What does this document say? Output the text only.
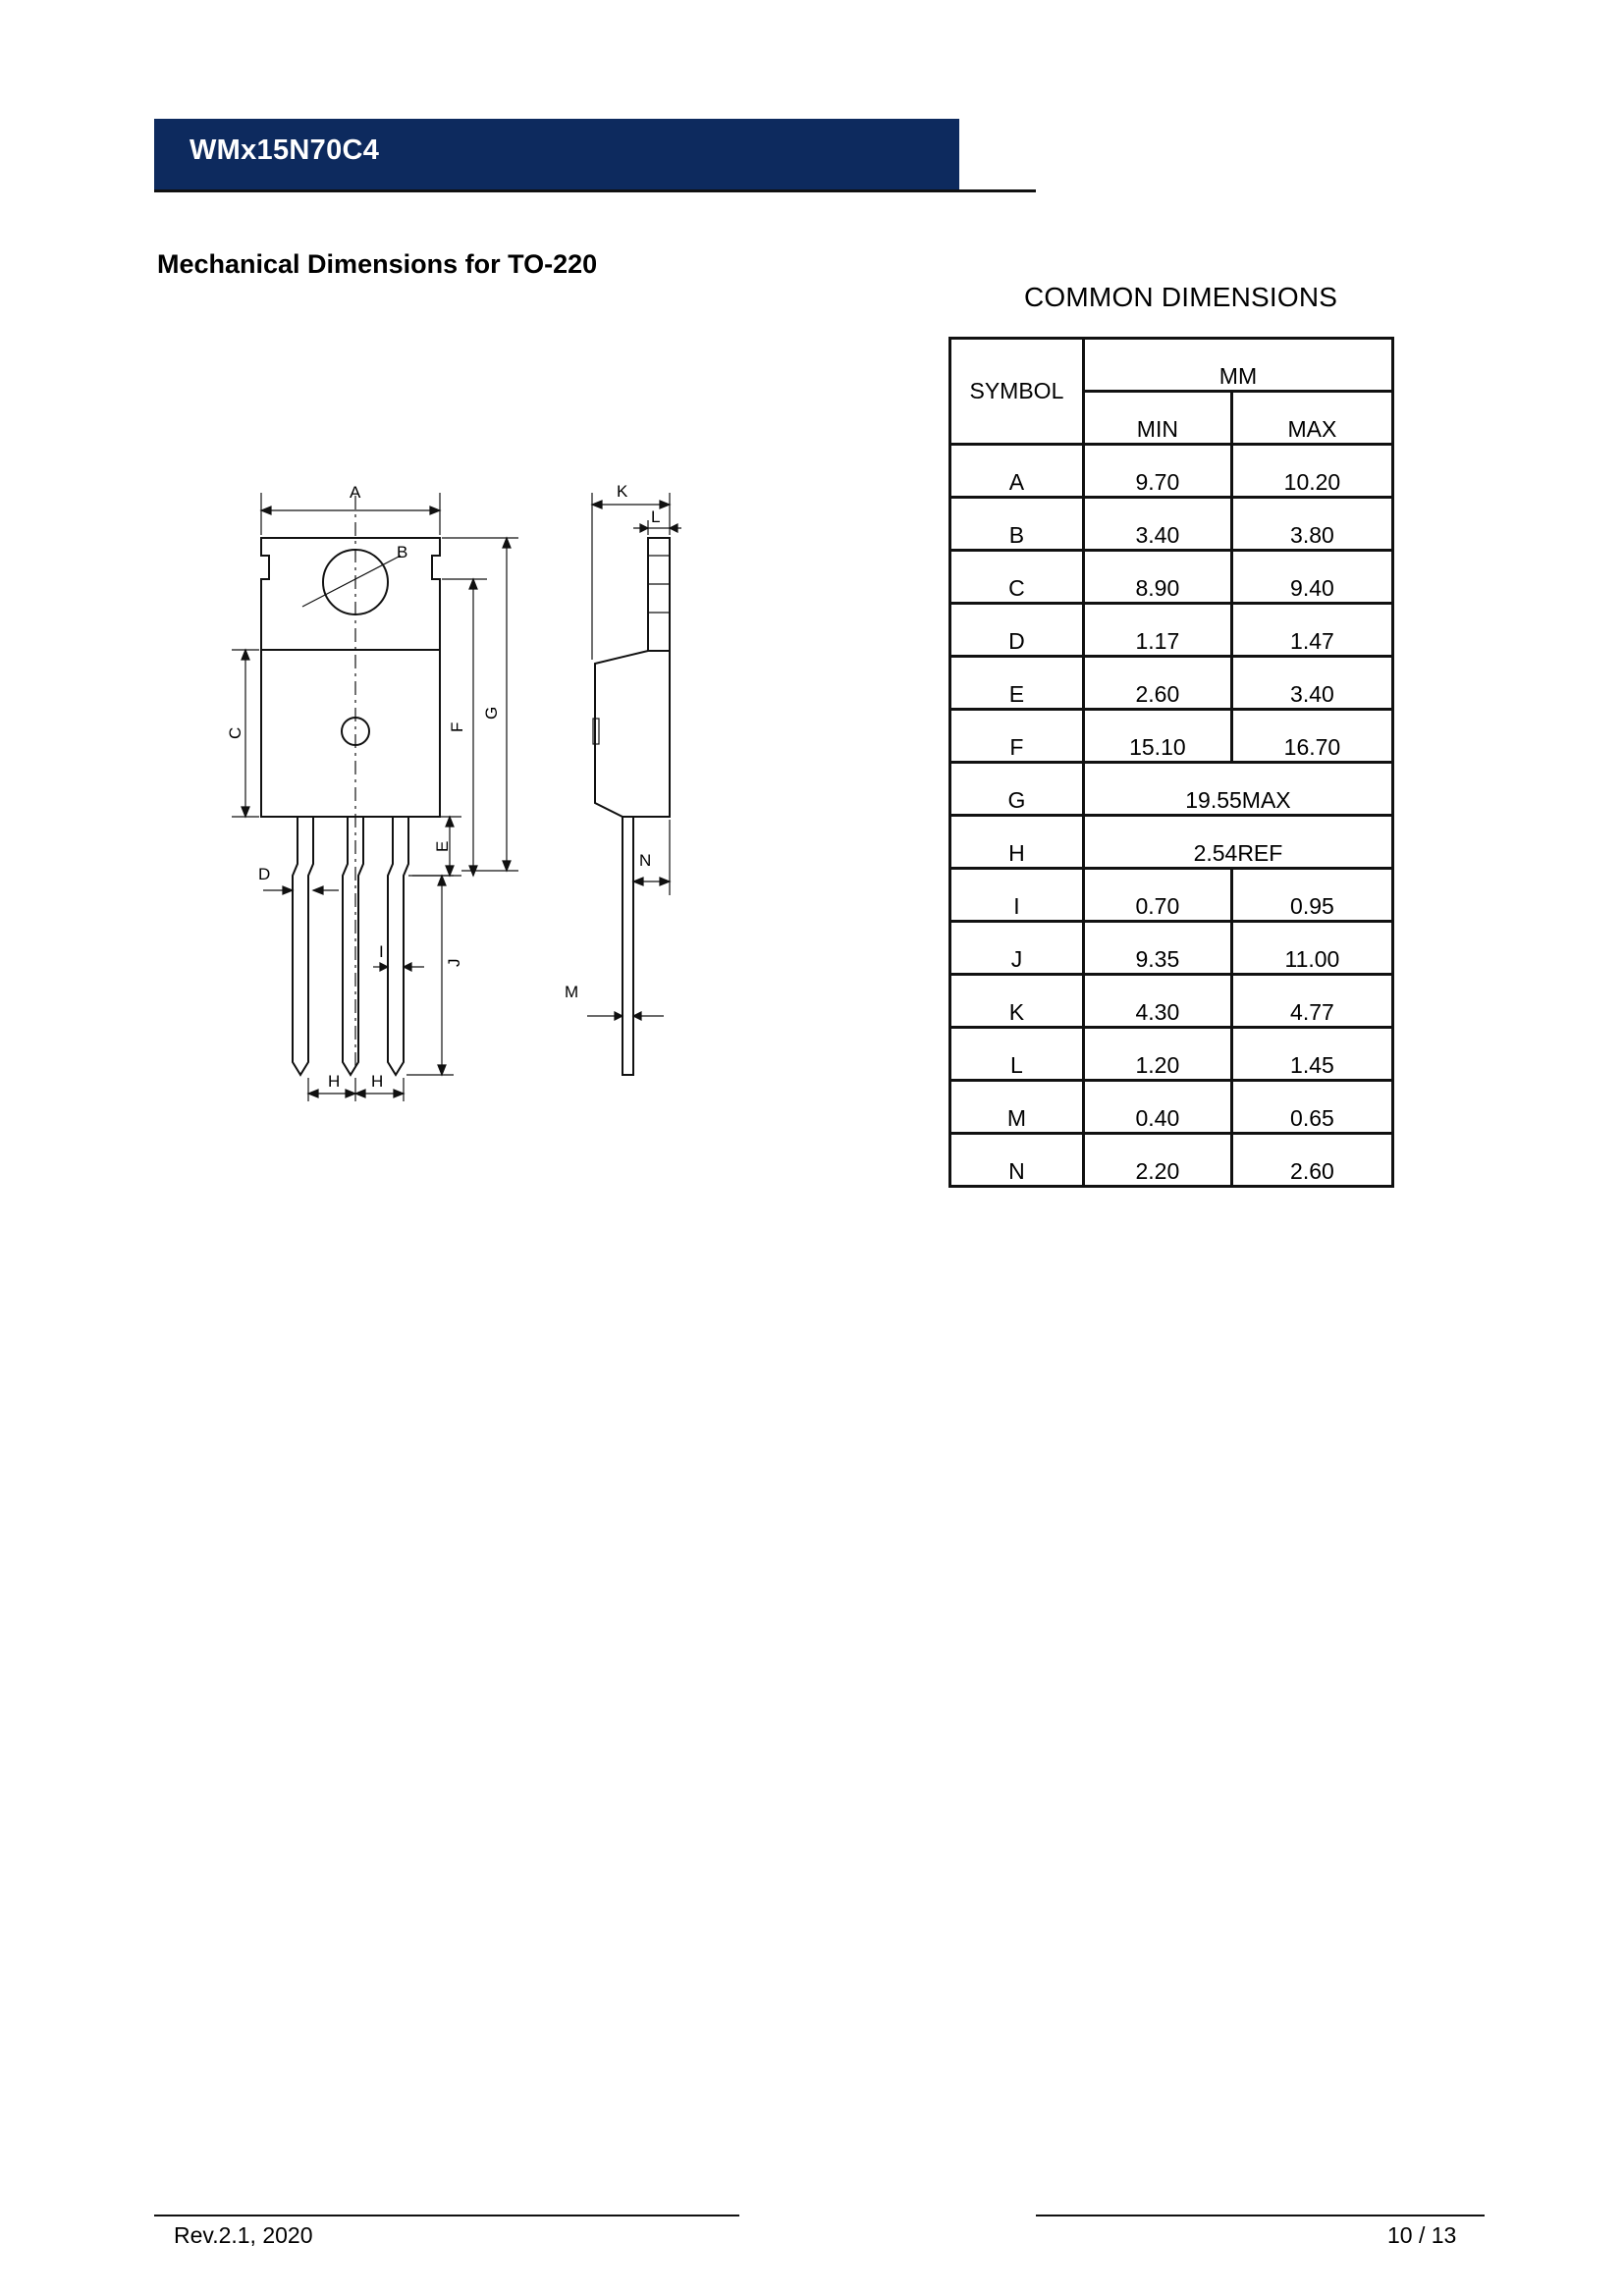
WMx15N70C4
Mechanical Dimensions for TO-220
A
B
C
D
E
F
G
H H
I
J
K
L
M
N
COMMON DIMENSIONS
SYMBOL	MM	
	MIN	MAX
A	9.70	10.20
B	3.40	3.80
C	8.90	9.40
D	1.17	1.47
E	2.60	3.40
F	15.10	16.70
G	19.55MAX	
H	2.54REF	
I	0.70	0.95
J	9.35	11.00
K	4.30	4.77
L	1.20	1.45
M	0.40	0.65
N	2.20	2.60
Rev.2.1, 2020	10 / 13
